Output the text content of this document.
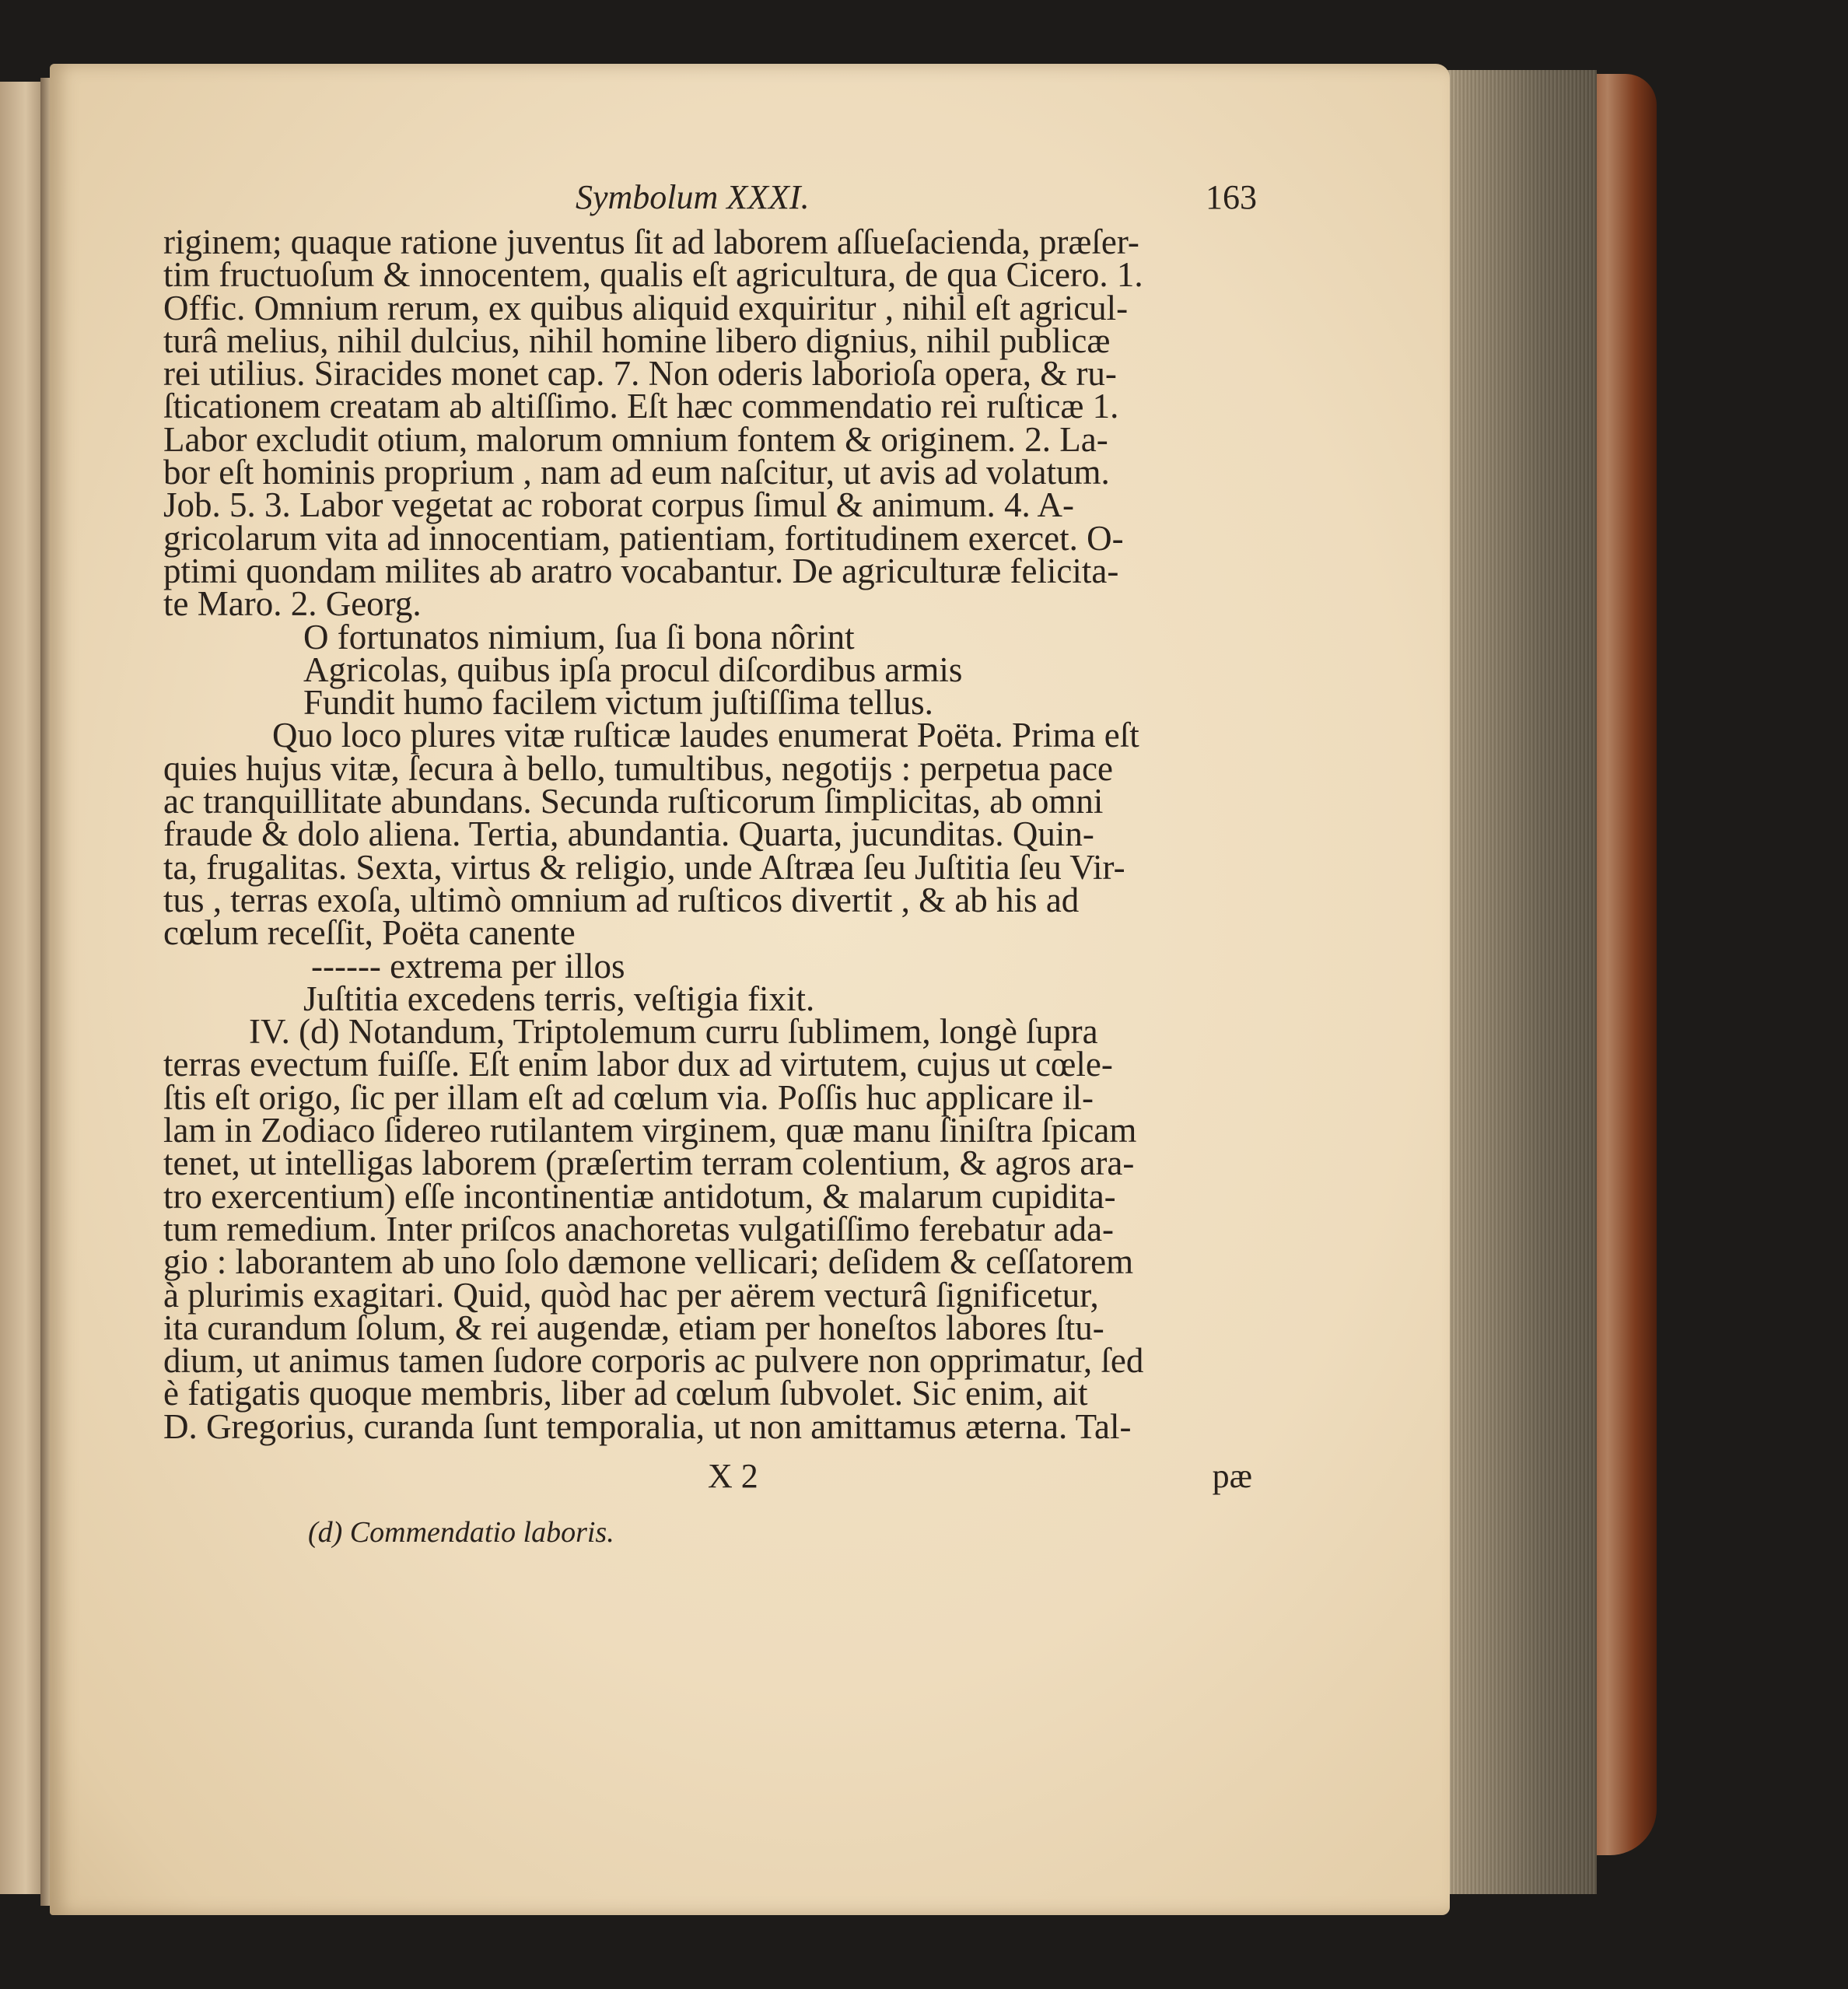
Symbolum XXXI.	163
riginem; quaque ratione juventus ſit ad laborem aſſueſacienda, præſer-
tim fructuoſum & innocentem, qualis eſt agricultura, de qua Cicero. 1.
Offic. Omnium rerum, ex quibus aliquid exquiritur , nihil eſt agricul-
turâ melius, nihil dulcius, nihil homine libero dignius, nihil publicæ
rei utilius. Siracides monet cap. 7. Non oderis laborioſa opera, & ru-
ſticationem creatam ab altiſſimo. Eſt hæc commendatio rei ruſticæ 1.
Labor excludit otium, malorum omnium fontem & originem. 2. La-
bor eſt hominis proprium , nam ad eum naſcitur, ut avis ad volatum.
Job. 5. 3. Labor vegetat ac roborat corpus ſimul & animum. 4. A-
gricolarum vita ad innocentiam, patientiam, fortitudinem exercet. O-
ptimi quondam milites ab aratro vocabantur. De agriculturæ felicita-
te Maro. 2. Georg.
O fortunatos nimium, ſua ſi bona nôrint
Agricolas, quibus ipſa procul diſcordibus armis
Fundit humo facilem victum juſtiſſima tellus.
Quo loco plures vitæ ruſticæ laudes enumerat Poëta. Prima eſt
quies hujus vitæ, ſecura à bello, tumultibus, negotijs : perpetua pace
ac tranquillitate abundans. Secunda ruſticorum ſimplicitas, ab omni
fraude & dolo aliena. Tertia, abundantia. Quarta, jucunditas. Quin-
ta, frugalitas. Sexta, virtus & religio, unde Aſtræa ſeu Juſtitia ſeu Vir-
tus , terras exoſa, ultimò omnium ad ruſticos divertit , & ab his ad
cœlum receſſit, Poëta canente
------ extrema per illos
Juſtitia excedens terris, veſtigia fixit.
IV. (d) Notandum, Triptolemum curru ſublimem, longè ſupra
terras evectum fuiſſe. Eſt enim labor dux ad virtutem, cujus ut cœle-
ſtis eſt origo, ſic per illam eſt ad cœlum via. Poſſis huc applicare il-
lam in Zodiaco ſidereo rutilantem virginem, quæ manu ſiniſtra ſpicam
tenet, ut intelligas laborem (præſertim terram colentium, & agros ara-
tro exercentium) eſſe incontinentiæ antidotum, & malarum cupidita-
tum remedium. Inter priſcos anachoretas vulgatiſſimo ferebatur ada-
gio : laborantem ab uno ſolo dæmone vellicari; deſidem & ceſſatorem
à plurimis exagitari. Quid, quòd hac per aërem vecturâ ſignificetur,
ita curandum ſolum, & rei augendæ, etiam per honeſtos labores ſtu-
dium, ut animus tamen ſudore corporis ac pulvere non opprimatur, ſed
è fatigatis quoque membris, liber ad cœlum ſubvolet. Sic enim, ait
D. Gregorius, curanda ſunt temporalia, ut non amittamus æterna. Tal-
X 2	pæ
(d) Commendatio laboris.
